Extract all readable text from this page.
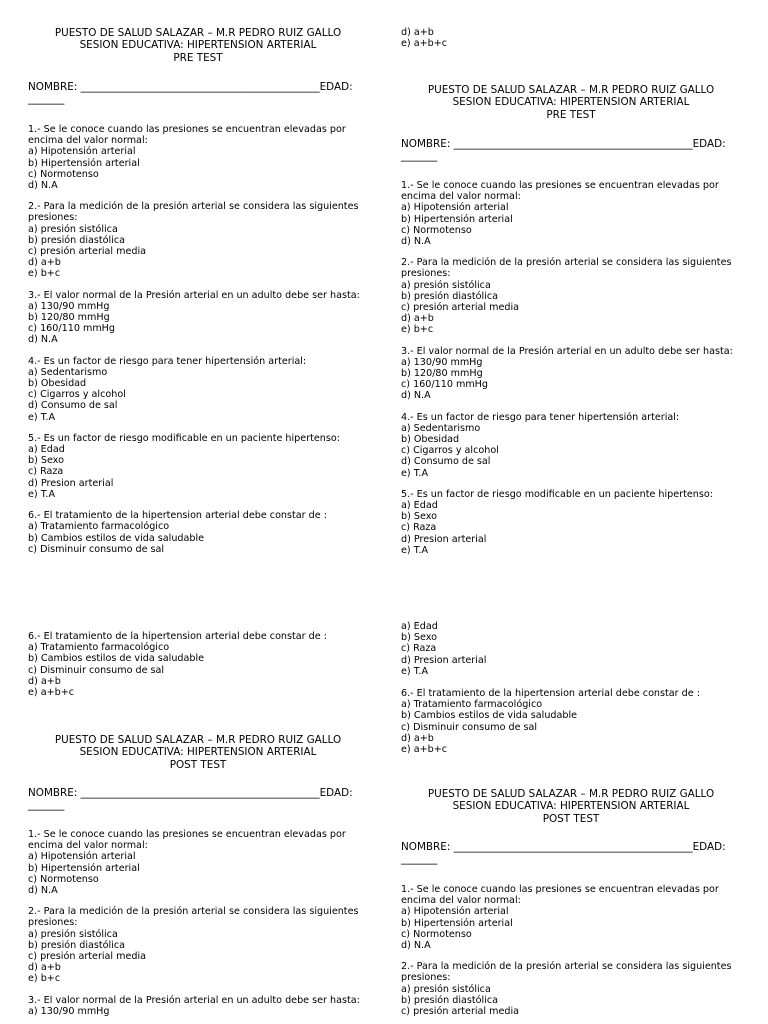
PUESTO DE SALUD SALAZAR – M.R PEDRO RUIZ GALLO
SESION EDUCATIVA: HIPERTENSION ARTERIAL
PRE TEST
NOMBRE: ______________________________________________EDAD:
_______
1.- Se le conoce cuando las presiones se encuentran elevadas por encima del valor normal:
a) Hipotensión arterial
b) Hipertensión arterial
c) Normotenso
d) N.A
2.- Para la medición de la presión arterial se considera las siguientes presiones:
a) presión sistólica
b) presión diastólica
c) presión arterial media
d) a+b
e) b+c
3.- El valor normal de la Presión arterial en un adulto debe ser hasta:
a) 130/90 mmHg
b) 120/80 mmHg
c) 160/110 mmHg
d) N.A
4.- Es un factor de riesgo para tener hipertensión arterial:
a) Sedentarismo
b) Obesidad
c) Cigarros y alcohol
d) Consumo de sal
e) T.A
5.- Es un factor de riesgo modificable en un paciente hipertenso:
a) Edad
b) Sexo
c) Raza
d) Presion arterial
e) T.A
6.- El tratamiento de la hipertension arterial debe constar de :
a) Tratamiento farmacológico
b) Cambios estilos de vida saludable
c) Disminuir consumo de sal
6.- El tratamiento de la hipertension arterial debe constar de :
a) Tratamiento farmacológico
b) Cambios estilos de vida saludable
c) Disminuir consumo de sal
d) a+b
e) a+b+c
PUESTO DE SALUD SALAZAR – M.R PEDRO RUIZ GALLO
SESION EDUCATIVA: HIPERTENSION ARTERIAL
POST TEST
NOMBRE: ______________________________________________EDAD:
_______
1.- Se le conoce cuando las presiones se encuentran elevadas por encima del valor normal:
a) Hipotensión arterial
b) Hipertensión arterial
c) Normotenso
d) N.A
2.- Para la medición de la presión arterial se considera las siguientes presiones:
a) presión sistólica
b) presión diastólica
c) presión arterial media
d) a+b
e) b+c
3.- El valor normal de la Presión arterial en un adulto debe ser hasta:
a) 130/90 mmHg
d) a+b
e) a+b+c
PUESTO DE SALUD SALAZAR – M.R PEDRO RUIZ GALLO
SESION EDUCATIVA: HIPERTENSION ARTERIAL
PRE TEST
NOMBRE: ______________________________________________EDAD:
_______
1.- Se le conoce cuando las presiones se encuentran elevadas por encima del valor normal:
a) Hipotensión arterial
b) Hipertensión arterial
c) Normotenso
d) N.A
2.- Para la medición de la presión arterial se considera las siguientes presiones:
a) presión sistólica
b) presión diastólica
c) presión arterial media
d) a+b
e) b+c
3.- El valor normal de la Presión arterial en un adulto debe ser hasta:
a) 130/90 mmHg
b) 120/80 mmHg
c) 160/110 mmHg
d) N.A
4.- Es un factor de riesgo para tener hipertensión arterial:
a) Sedentarismo
b) Obesidad
c) Cigarros y alcohol
d) Consumo de sal
e) T.A
5.- Es un factor de riesgo modificable en un paciente hipertenso:
a) Edad
b) Sexo
c) Raza
d) Presion arterial
e) T.A
a) Edad
b) Sexo
c) Raza
d) Presion arterial
e) T.A
6.- El tratamiento de la hipertension arterial debe constar de :
a) Tratamiento farmacológico
b) Cambios estilos de vida saludable
c) Disminuir consumo de sal
d) a+b
e) a+b+c
PUESTO DE SALUD SALAZAR – M.R PEDRO RUIZ GALLO
SESION EDUCATIVA: HIPERTENSION ARTERIAL
POST TEST
NOMBRE: ______________________________________________EDAD:
_______
1.- Se le conoce cuando las presiones se encuentran elevadas por encima del valor normal:
a) Hipotensión arterial
b) Hipertensión arterial
c) Normotenso
d) N.A
2.- Para la medición de la presión arterial se considera las siguientes presiones:
a) presión sistólica
b) presión diastólica
c) presión arterial media
